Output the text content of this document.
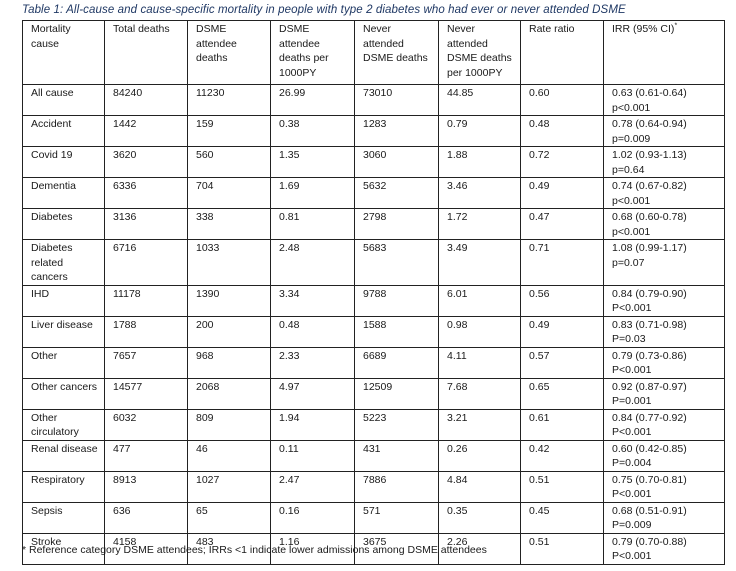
Table 1: All-cause and cause-specific mortality in people with type 2 diabetes who had ever or never attended DSME
Mortality
cause	Total deaths	DSME
attendee
deaths	DSME
attendee
deaths per
1000PY	Never
attended
DSME deaths	Never
attended
DSME deaths
per 1000PY	Rate ratio	IRR (95% CI)*

All cause	84240	11230	26.99	73010	44.85	0.60	0.63 (0.61-0.64)
p<0.001

Accident	1442	159	0.38	1283	0.79	0.48	0.78 (0.64-0.94)
p=0.009

Covid 19	3620	560	1.35	3060	1.88	0.72	1.02 (0.93-1.13)
p=0.64

Dementia	6336	704	1.69	5632	3.46	0.49	0.74 (0.67-0.82)
p<0.001

Diabetes	3136	338	0.81	2798	1.72	0.47	0.68 (0.60-0.78)
p<0.001

Diabetes
related
cancers	6716	1033	2.48	5683	3.49	0.71	1.08 (0.99-1.17)
p=0.07

IHD	11178	1390	3.34	9788	6.01	0.56	0.84 (0.79-0.90)
P<0.001

Liver disease	1788	200	0.48	1588	0.98	0.49	0.83 (0.71-0.98)
P=0.03

Other	7657	968	2.33	6689	4.11	0.57	0.79 (0.73-0.86)
P<0.001

Other cancers	14577	2068	4.97	12509	7.68	0.65	0.92 (0.87-0.97)
P=0.001

Other
circulatory	6032	809	1.94	5223	3.21	0.61	0.84 (0.77-0.92)
P<0.001

Renal disease	477	46	0.11	431	0.26	0.42	0.60 (0.42-0.85)
P=0.004

Respiratory	8913	1027	2.47	7886	4.84	0.51	0.75 (0.70-0.81)
P<0.001

Sepsis	636	65	0.16	571	0.35	0.45	0.68 (0.51-0.91)
P=0.009

Stroke	4158	483	1.16	3675	2.26	0.51	0.79 (0.70-0.88)
P<0.001
* Reference category DSME attendees; IRRs <1 indicate lower admissions among DSME attendees
